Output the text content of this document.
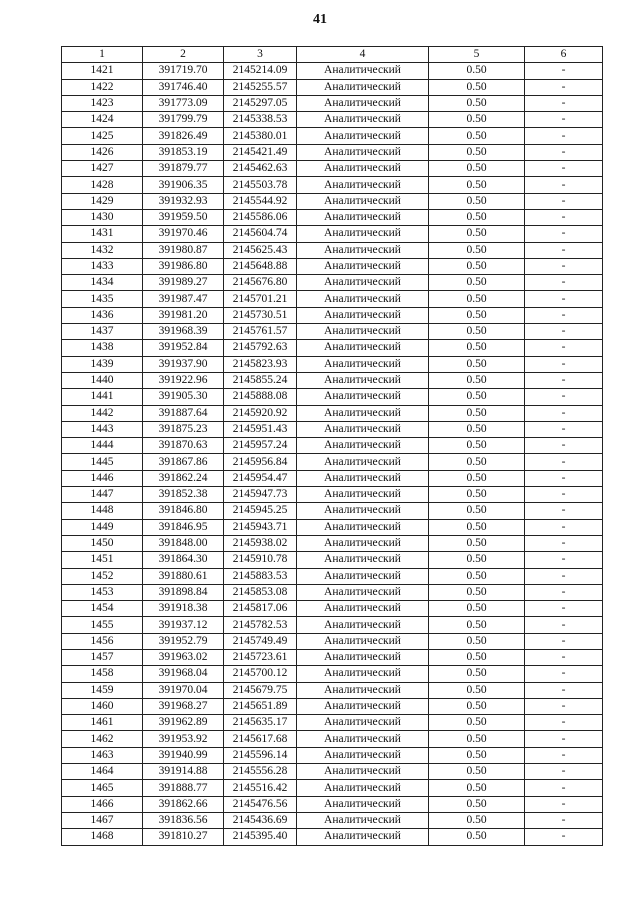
41
1	2	3	4	5	6
1421	391719.70	2145214.09	Аналитический	0.50	-
1422	391746.40	2145255.57	Аналитический	0.50	-
1423	391773.09	2145297.05	Аналитический	0.50	-
1424	391799.79	2145338.53	Аналитический	0.50	-
1425	391826.49	2145380.01	Аналитический	0.50	-
1426	391853.19	2145421.49	Аналитический	0.50	-
1427	391879.77	2145462.63	Аналитический	0.50	-
1428	391906.35	2145503.78	Аналитический	0.50	-
1429	391932.93	2145544.92	Аналитический	0.50	-
1430	391959.50	2145586.06	Аналитический	0.50	-
1431	391970.46	2145604.74	Аналитический	0.50	-
1432	391980.87	2145625.43	Аналитический	0.50	-
1433	391986.80	2145648.88	Аналитический	0.50	-
1434	391989.27	2145676.80	Аналитический	0.50	-
1435	391987.47	2145701.21	Аналитический	0.50	-
1436	391981.20	2145730.51	Аналитический	0.50	-
1437	391968.39	2145761.57	Аналитический	0.50	-
1438	391952.84	2145792.63	Аналитический	0.50	-
1439	391937.90	2145823.93	Аналитический	0.50	-
1440	391922.96	2145855.24	Аналитический	0.50	-
1441	391905.30	2145888.08	Аналитический	0.50	-
1442	391887.64	2145920.92	Аналитический	0.50	-
1443	391875.23	2145951.43	Аналитический	0.50	-
1444	391870.63	2145957.24	Аналитический	0.50	-
1445	391867.86	2145956.84	Аналитический	0.50	-
1446	391862.24	2145954.47	Аналитический	0.50	-
1447	391852.38	2145947.73	Аналитический	0.50	-
1448	391846.80	2145945.25	Аналитический	0.50	-
1449	391846.95	2145943.71	Аналитический	0.50	-
1450	391848.00	2145938.02	Аналитический	0.50	-
1451	391864.30	2145910.78	Аналитический	0.50	-
1452	391880.61	2145883.53	Аналитический	0.50	-
1453	391898.84	2145853.08	Аналитический	0.50	-
1454	391918.38	2145817.06	Аналитический	0.50	-
1455	391937.12	2145782.53	Аналитический	0.50	-
1456	391952.79	2145749.49	Аналитический	0.50	-
1457	391963.02	2145723.61	Аналитический	0.50	-
1458	391968.04	2145700.12	Аналитический	0.50	-
1459	391970.04	2145679.75	Аналитический	0.50	-
1460	391968.27	2145651.89	Аналитический	0.50	-
1461	391962.89	2145635.17	Аналитический	0.50	-
1462	391953.92	2145617.68	Аналитический	0.50	-
1463	391940.99	2145596.14	Аналитический	0.50	-
1464	391914.88	2145556.28	Аналитический	0.50	-
1465	391888.77	2145516.42	Аналитический	0.50	-
1466	391862.66	2145476.56	Аналитический	0.50	-
1467	391836.56	2145436.69	Аналитический	0.50	-
1468	391810.27	2145395.40	Аналитический	0.50	-
